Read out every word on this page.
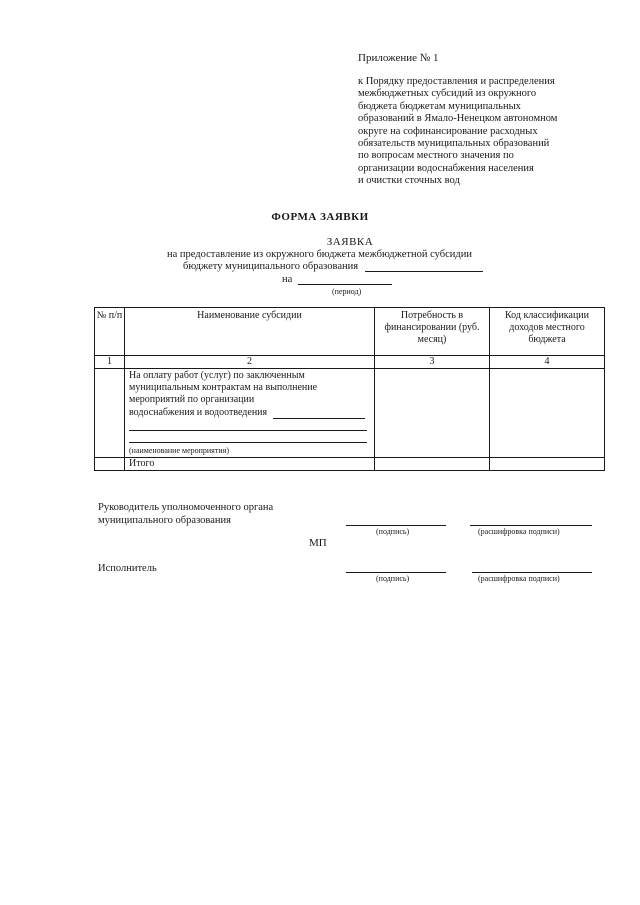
Приложение № 1
к Порядку предоставления и распределения
межбюджетных субсидий из окружного
бюджета бюджетам муниципальных
образований в Ямало-Ненецком автономном
округе на софинансирование расходных
обязательств муниципальных образований
по вопросам местного значения по
организации водоснабжения населения
и очистки сточных вод
ФОРМА ЗАЯВКИ
ЗАЯВКА
на предоставление из окружного бюджета межбюджетной субсидии
бюджету муниципального образования
на
(период)
№ п/п	Наименование субсидии	Потребность в финансировании (руб. месяц)	Код классификации доходов местного бюджета
1	2	3	4

	На оплату работ (услуг) по заключенным
муниципальным контрактам на выполнение
мероприятий по организации
водоснабжения и водоотведения
(наименование мероприятия)		

	Итого		
Руководитель уполномоченного органа
муниципального образования
(подпись)	(расшифровка подписи)
МП
Исполнитель
(подпись)	(расшифровка подписи)
